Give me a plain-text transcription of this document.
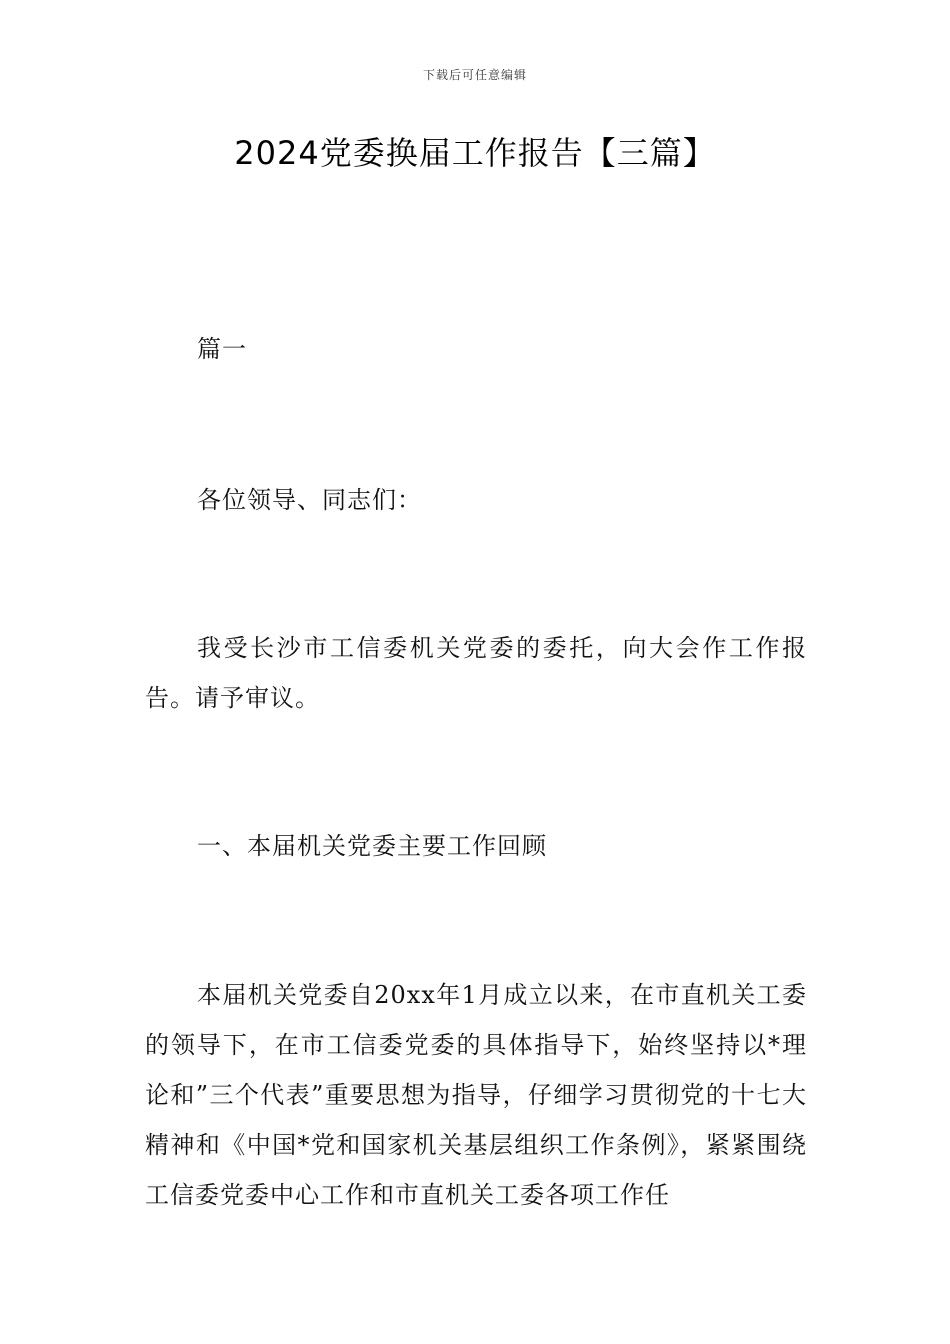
下载后可任意编辑
2024党委换届工作报告【三篇】

篇一

各位领导、同志们：

我受长沙市工信委机关党委的委托，向大会作工作报告。请予审议。

一、本届机关党委主要工作回顾

本届机关党委自20xx年1月成立以来，在市直机关工委的领导下，在市工信委党委的具体指导下，始终坚持以*理论和”三个代表”重要思想为指导，仔细学习贯彻党的十七大精神和《中国*党和国家机关基层组织工作条例》，紧紧围绕工信委党委中心工作和市直机关工委各项工作任
